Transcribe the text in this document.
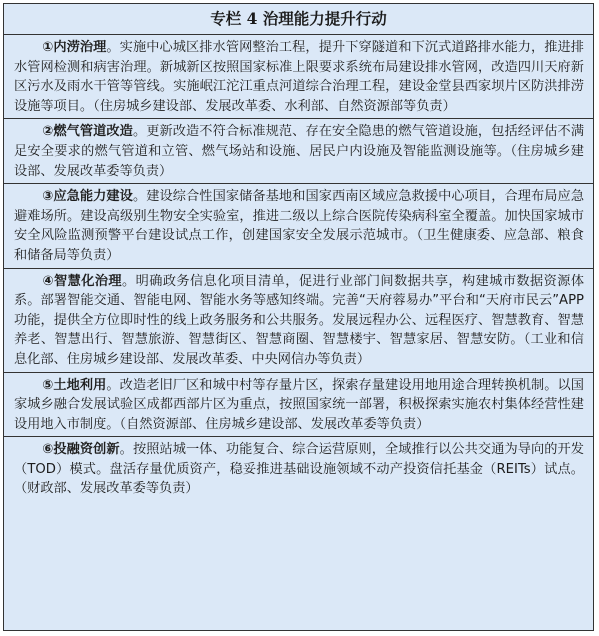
专栏 4 治理能力提升行动
①内涝治理。实施中心城区排水管网整治工程，提升下穿隧道和下沉式道路排水能力，推进排水管网检测和病害治理。新城新区按照国家标准上限要求系统布局建设排水管网，改造四川天府新区污水及雨水干管等管线。实施岷江沱江重点河道综合治理工程，建设金堂县西家坝片区防洪排涝设施等项目。（住房城乡建设部、发展改革委、水利部、自然资源部等负责）
②燃气管道改造。更新改造不符合标准规范、存在安全隐患的燃气管道设施，包括经评估不满足安全要求的燃气管道和立管、燃气场站和设施、居民户内设施及智能监测设施等。（住房城乡建设部、发展改革委等负责）
③应急能力建设。建设综合性国家储备基地和国家西南区域应急救援中心项目，合理布局应急避难场所。建设高级别生物安全实验室，推进二级以上综合医院传染病科室全覆盖。加快国家城市安全风险监测预警平台建设试点工作，创建国家安全发展示范城市。（卫生健康委、应急部、粮食和储备局等负责）
④智慧化治理。明确政务信息化项目清单，促进行业部门间数据共享，构建城市数据资源体系。部署智能交通、智能电网、智能水务等感知终端。完善“天府蓉易办”平台和“天府市民云”APP 功能，提供全方位即时性的线上政务服务和公共服务。发展远程办公、远程医疗、智慧教育、智慧养老、智慧出行、智慧旅游、智慧街区、智慧商圈、智慧楼宇、智慧家居、智慧安防。（工业和信息化部、住房城乡建设部、发展改革委、中央网信办等负责）
⑤土地利用。改造老旧厂区和城中村等存量片区，探索存量建设用地用途合理转换机制。以国家城乡融合发展试验区成都西部片区为重点，按照国家统一部署，积极探索实施农村集体经营性建设用地入市制度。（自然资源部、住房城乡建设部、发展改革委等负责）
⑥投融资创新。按照站城一体、功能复合、综合运营原则，全域推行以公共交通为导向的开发（TOD）模式。盘活存量优质资产，稳妥推进基础设施领域不动产投资信托基金（REITs）试点。（财政部、发展改革委等负责）
